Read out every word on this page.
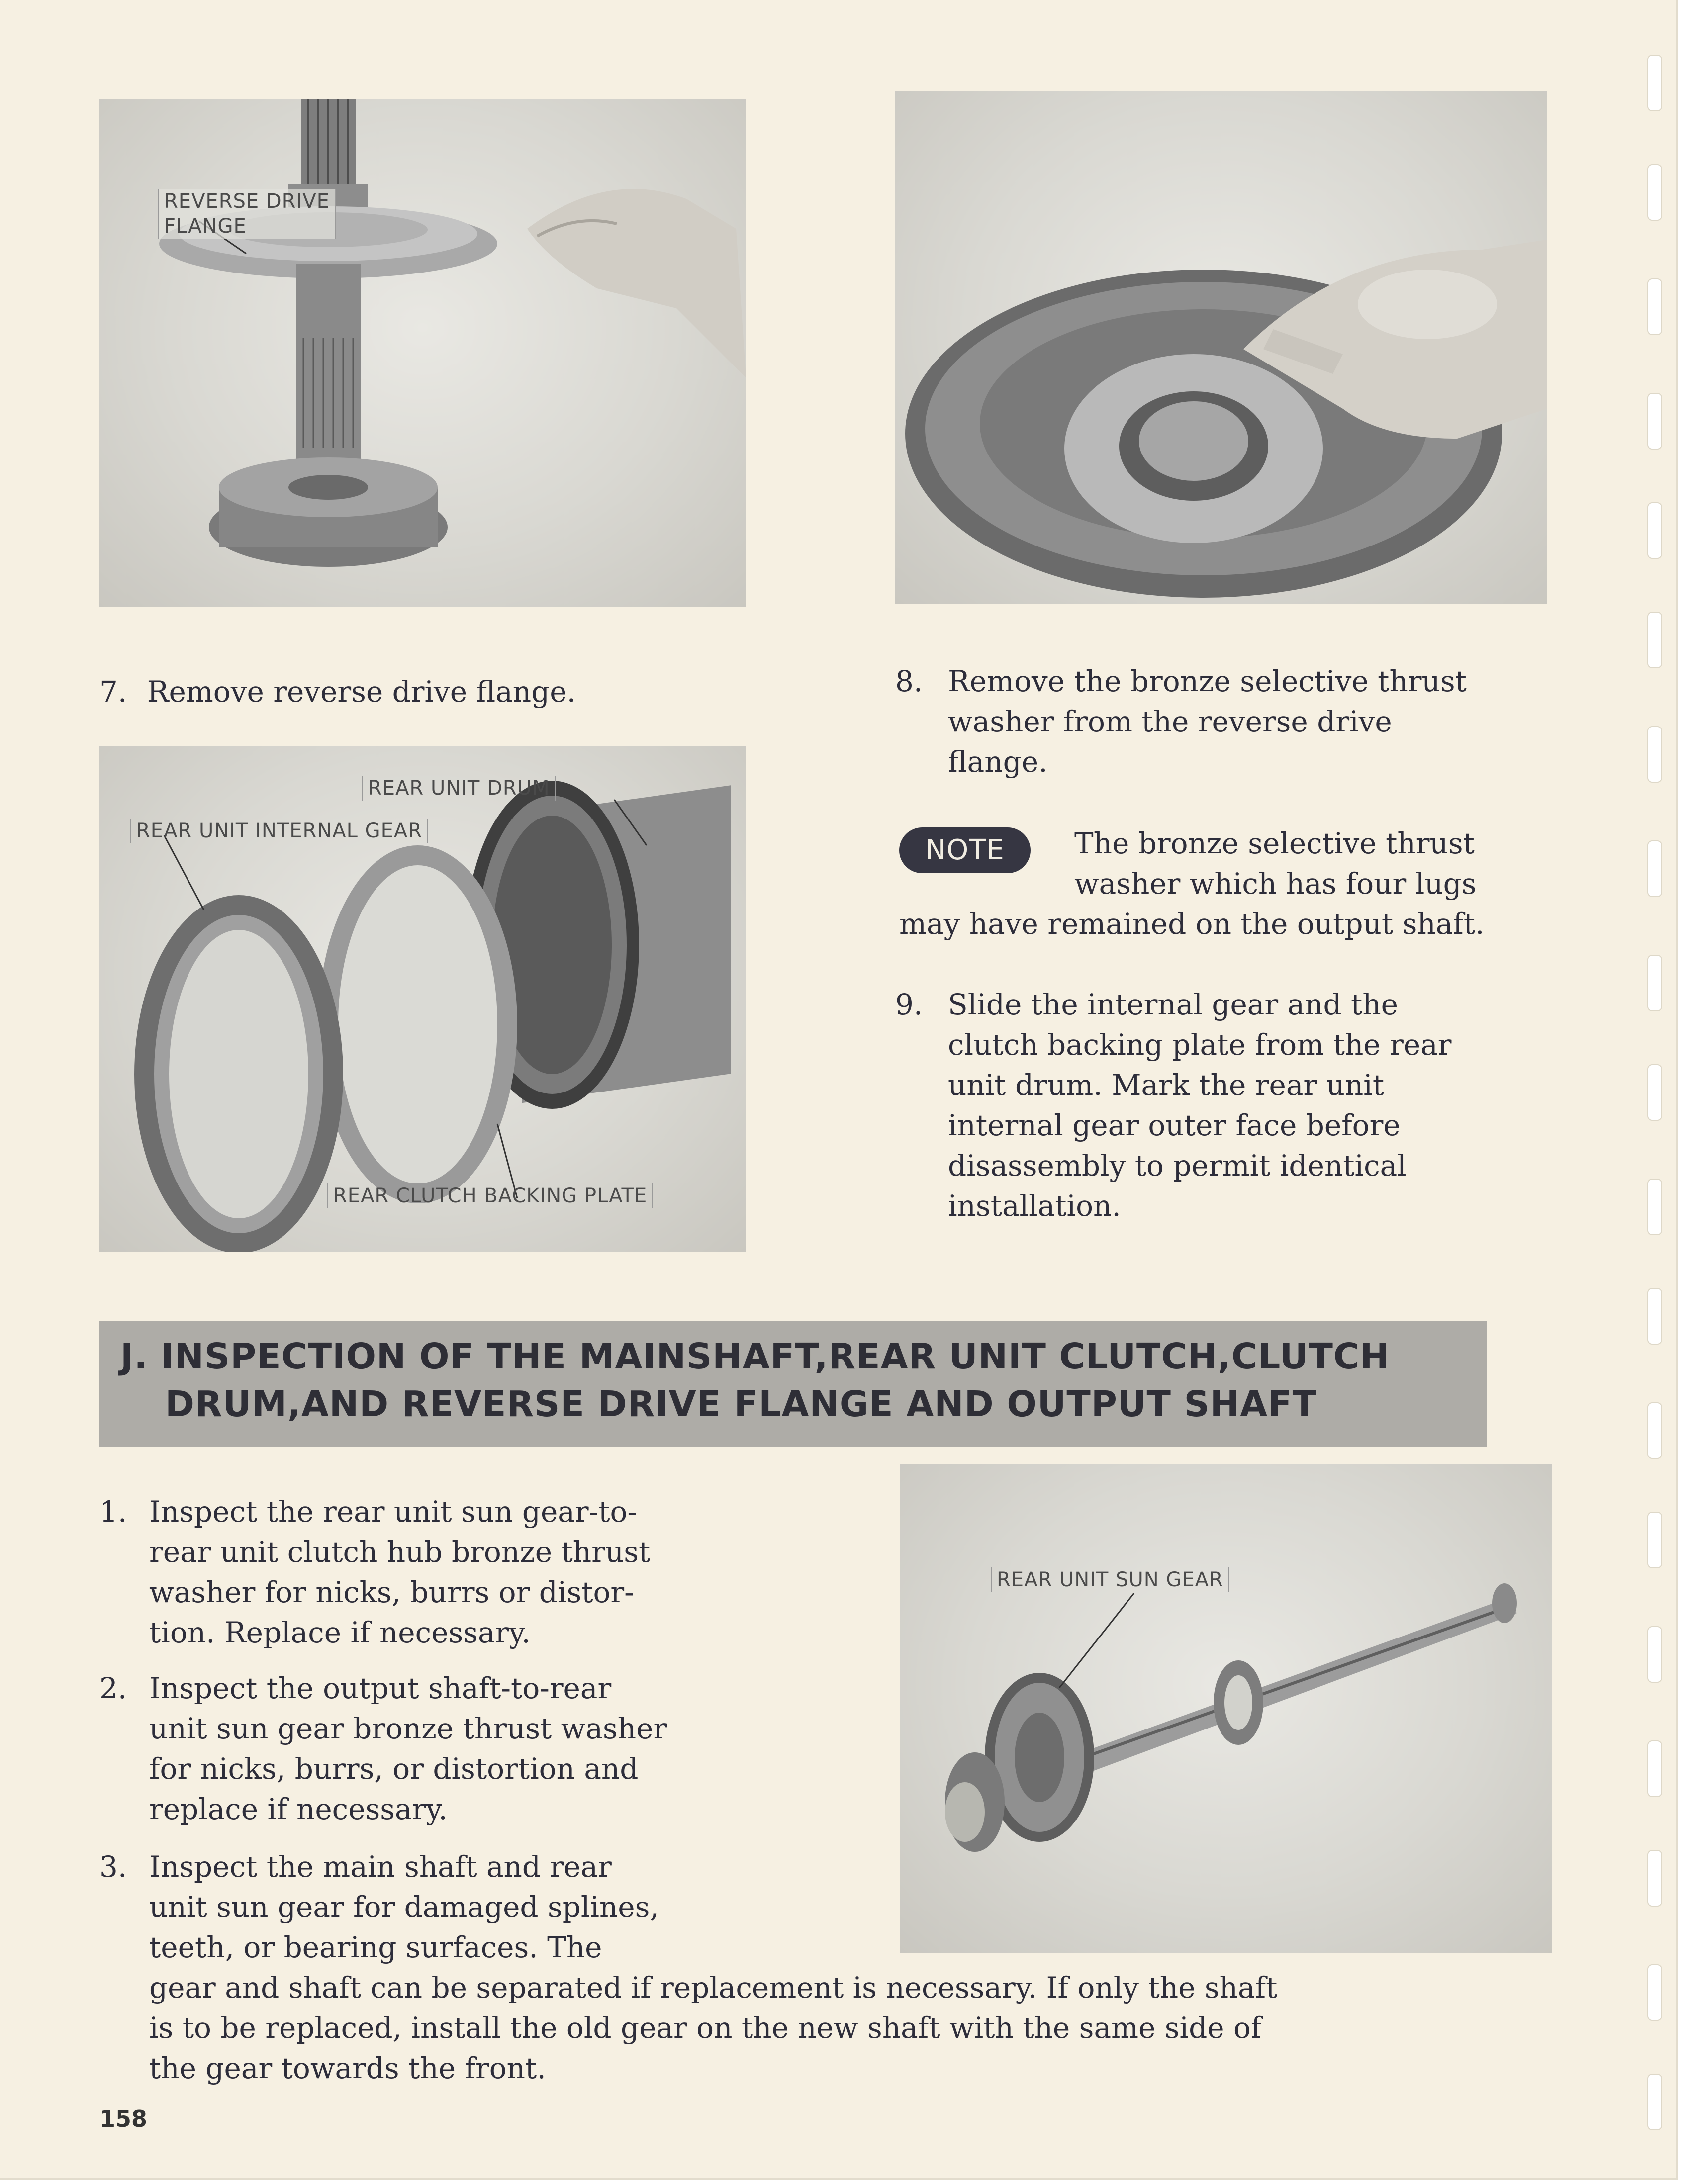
REVERSE DRIVE
FLANGE
7. Remove reverse drive flange.
REAR UNIT DRUM
REAR UNIT INTERNAL GEAR
REAR CLUTCH BACKING PLATE
8. Remove the bronze selective thrust
washer from the reverse drive
flange.
NOTE	The bronze selective thrust
washer which has four lugs
may have remained on the output shaft.
9. Slide the internal gear and the
clutch backing plate from the rear
unit drum. Mark the rear unit
internal gear outer face before
disassembly to permit identical
installation.
J. INSPECTION OF THE MAINSHAFT,REAR UNIT CLUTCH,CLUTCH
DRUM,AND REVERSE DRIVE FLANGE AND OUTPUT SHAFT
REAR UNIT SUN GEAR
1. Inspect the rear unit sun gear-to-
rear unit clutch hub bronze thrust
washer for nicks, burrs or distor-
tion. Replace if necessary.
2. Inspect the output shaft-to-rear
unit sun gear bronze thrust washer
for nicks, burrs, or distortion and
replace if necessary.
3. Inspect the main shaft and rear
unit sun gear for damaged splines,
teeth, or bearing surfaces. The
gear and shaft can be separated if replacement is necessary. If only the shaft
is to be replaced, install the old gear on the new shaft with the same side of
the gear towards the front.
158
